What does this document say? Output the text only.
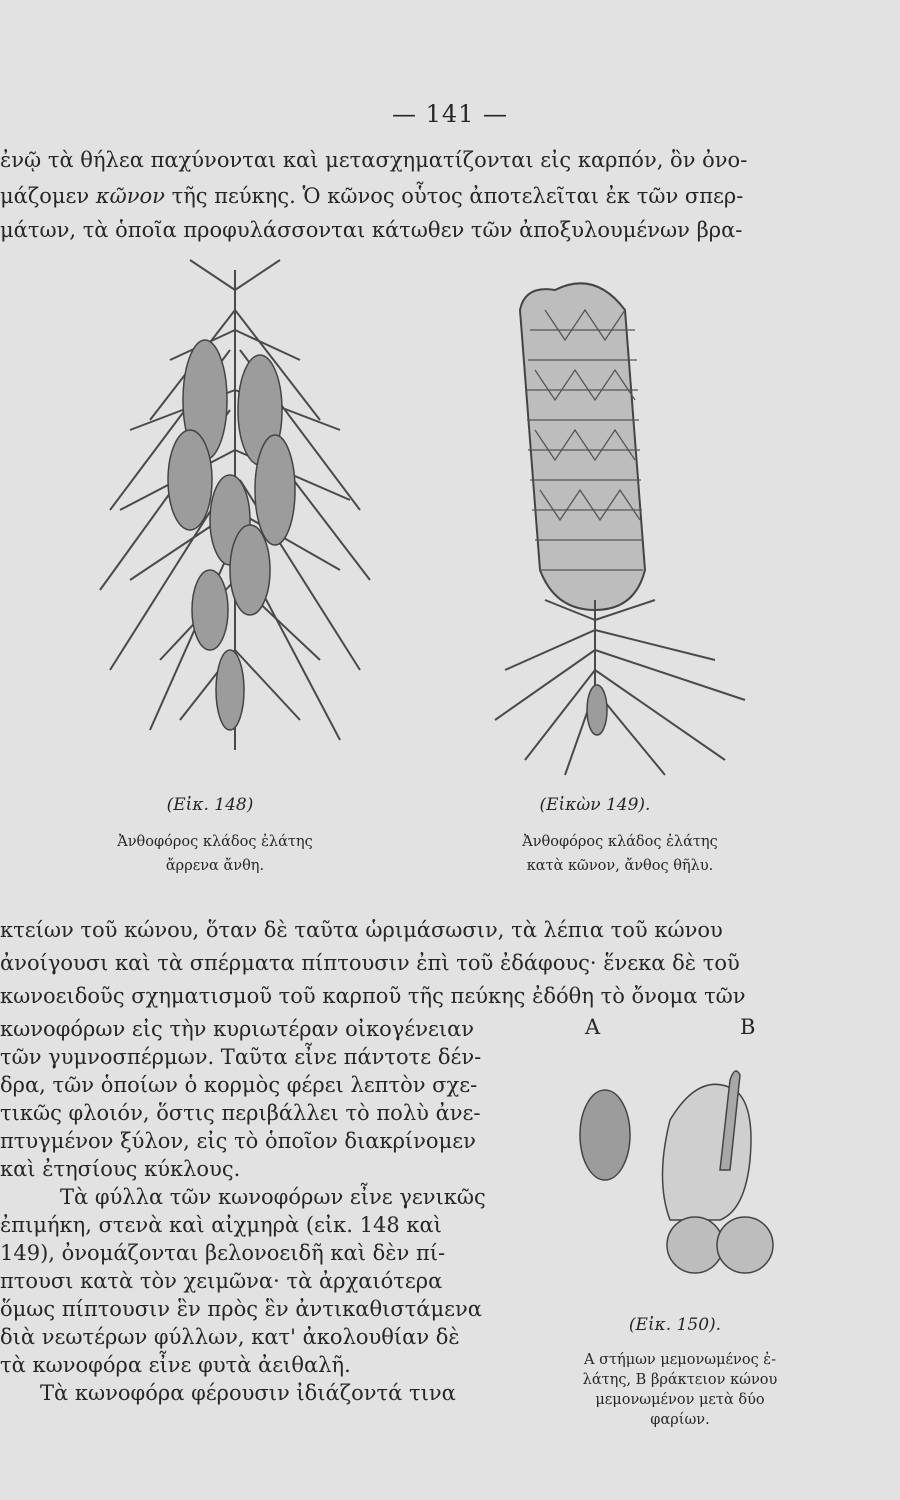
— 141 —
ἐνῷ τὰ θήλεα παχύνονται καὶ μετασχηματίζονται εἰς καρπόν, ὃν ὀνο-
μάζομεν κῶνον τῆς πεύκης. Ὁ κῶνος οὗτος ἀποτελεῖται ἐκ τῶν σπερ-
μάτων, τὰ ὁποῖα προφυλάσσονται κάτωθεν τῶν ἀποξυλουμένων βρα-
(Εἰκ. 148)
Ἀνθοφόρος κλάδος ἐλάτης
ἄρρενα ἄνθη.
(Εἰκὼν 149).
Ἀνθοφόρος κλάδος ἐλάτης
κατὰ κῶνον, ἄνθος θῆλυ.
κτείων τοῦ κώνου, ὅταν δὲ ταῦτα ὡριμάσωσιν, τὰ λέπια τοῦ κώνου
ἀνοίγουσι καὶ τὰ σπέρματα πίπτουσιν ἐπὶ τοῦ ἐδάφους· ἕνεκα δὲ τοῦ
κωνοειδοῦς σχηματισμοῦ τοῦ καρποῦ τῆς πεύκης ἐδόθη τὸ ὄνομα τῶν
κωνοφόρων εἰς τὴν κυριωτέραν οἰκογένειαν
τῶν γυμνοσπέρμων. Ταῦτα εἶνε πάντοτε δέν-
δρα, τῶν ὁποίων ὁ κορμὸς φέρει λεπτὸν σχε-
τικῶς φλοιόν, ὅστις περιβάλλει τὸ πολὺ ἀνε-
πτυγμένον ξύλον, εἰς τὸ ὁποῖον διακρίνομεν
καὶ ἐτησίους κύκλους.
Τὰ φύλλα τῶν κωνοφόρων εἶνε γενικῶς
ἐπιμήκη, στενὰ καὶ αἰχμηρὰ (εἰκ. 148 καὶ
149), ὀνομάζονται βελονοειδῆ καὶ δὲν πί-
πτουσι κατὰ τὸν χειμῶνα· τὰ ἀρχαιότερα
ὅμως πίπτουσιν ἓν πρὸς ἓν ἀντικαθιστάμενα
διὰ νεωτέρων φύλλων, κατ' ἀκολουθίαν δὲ
τὰ κωνοφόρα εἶνε φυτὰ ἀειθαλῆ.
Τὰ κωνοφόρα φέρουσιν ἰδιάζοντά τινα
A	B
(Εἰκ. 150).
Α στήμων μεμονωμένος ἐ-
λάτης, Β βράκτειον κώνου
μεμονωμένον μετὰ δύο
φαρίων.
